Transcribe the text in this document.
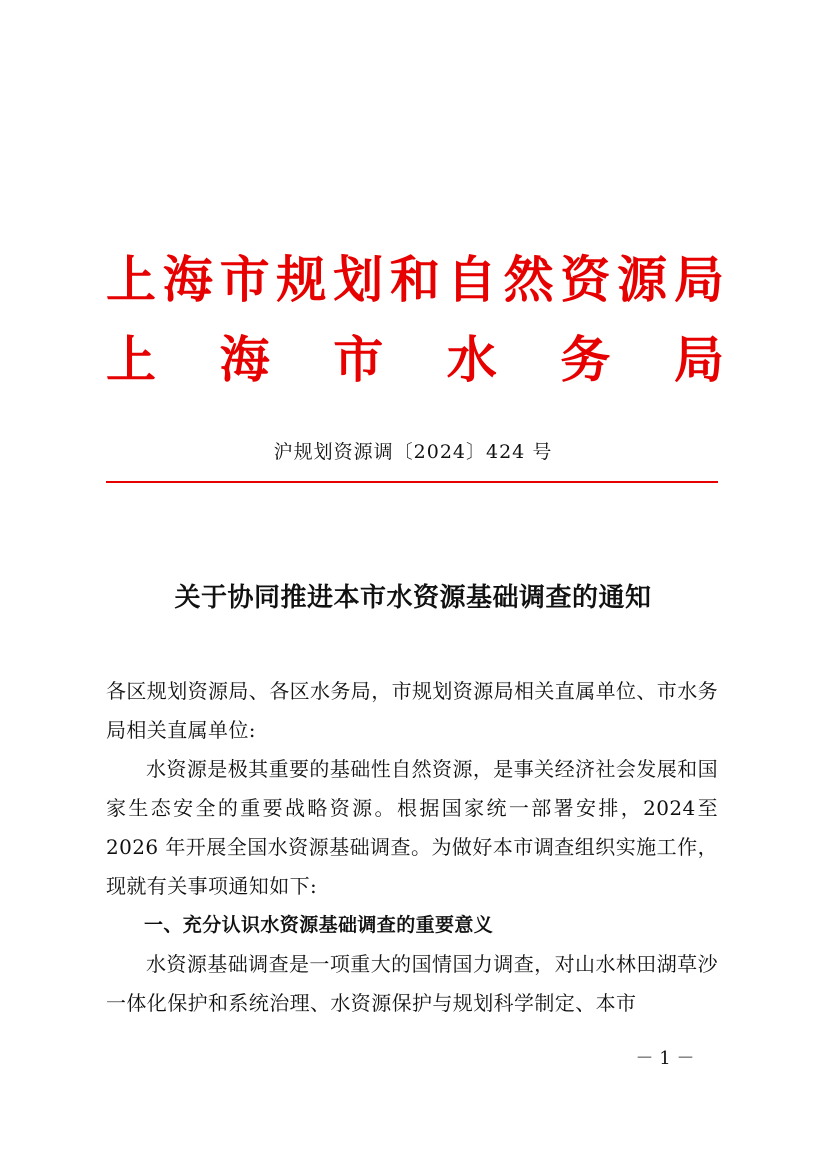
上 海 市 规 划 和 自 然 资 源 局
上 海 市 水 务 局
沪规划资源调〔2024〕424 号
关于协同推进本市水资源基础调查的通知

各区规划资源局、各区水务局，市规划资源局相关直属单位、市水务局相关直属单位:

水资源是极其重要的基础性自然资源，是事关经济社会发展和国家生态安全的重要战略资源。根据国家统一部署安排，2024至 2026 年开展全国水资源基础调查。为做好本市调查组织实施工作，现就有关事项通知如下:

一、充分认识水资源基础调查的重要意义

水资源基础调查是一项重大的国情国力调查，对山水林田湖草沙一体化保护和系统治理、水资源保护与规划科学制定、本市

－ 1 －
